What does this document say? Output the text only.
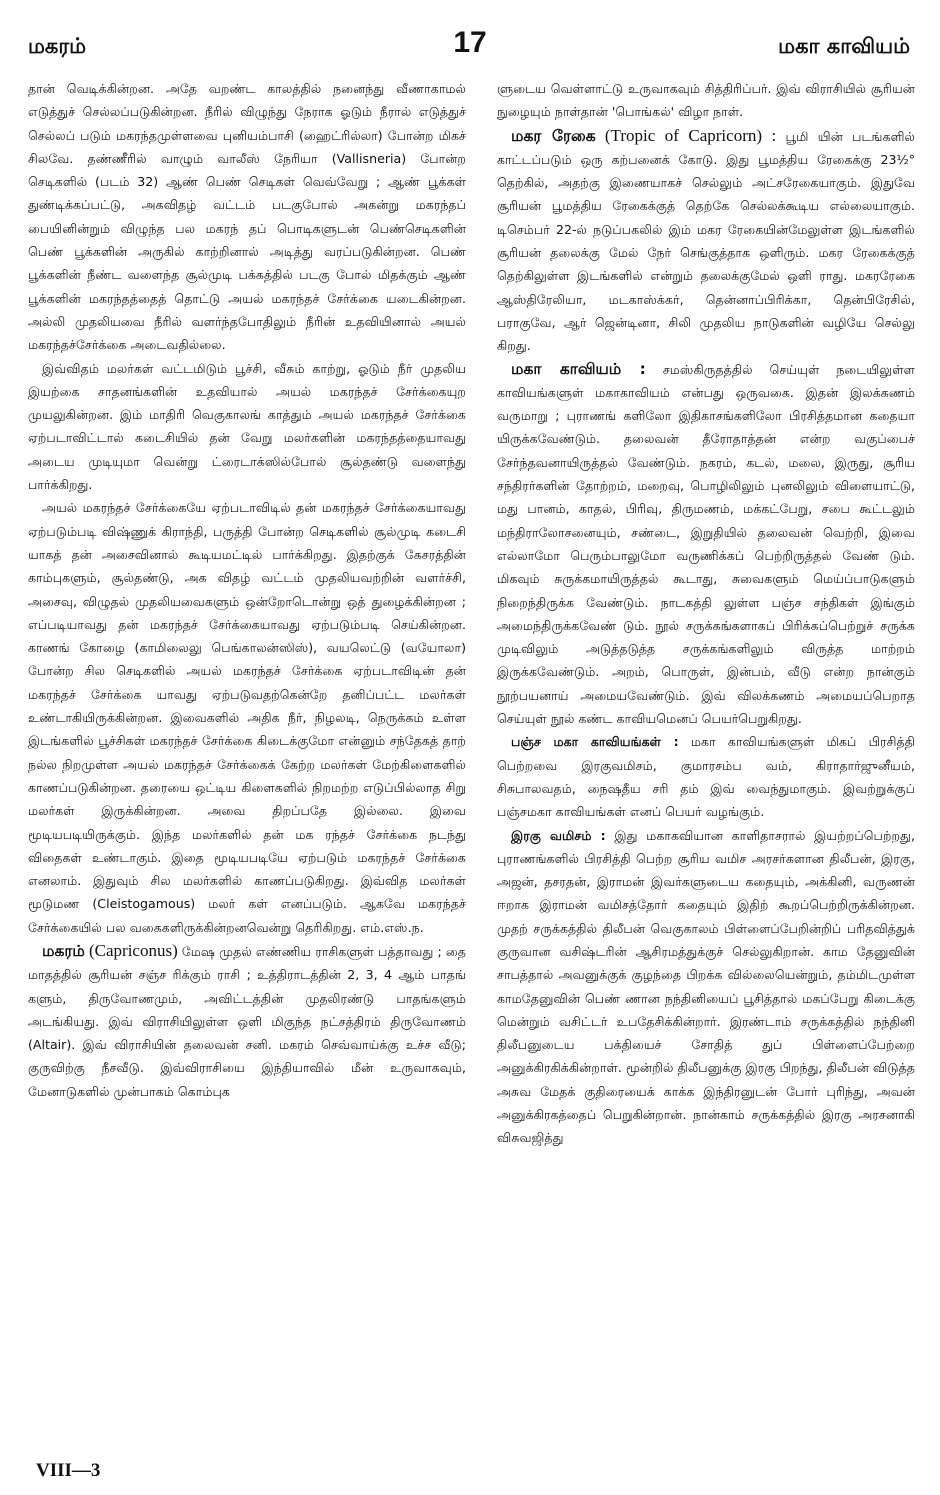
மகரம்	17	மகா காவியம்

தான் வெடிக்கின்றன. அதே வறண்ட காலத்தில் நனைந்து வீணாகாமல் எடுத்துச் செல்லப்படுகின்றன. நீரில் விழுந்து நேராக ஓடும் நீரால் எடுத்துச் செல்லப் படும் மகரந்தமுள்ளவை புனியம்பாசி (ஹைட்ரில்லா) போன்ற மிகச் சிலவே. தண்ணீரில் வாழும் வாலீஸ் நேரியா (Vallisneria) போன்ற செடிகளில் (படம் 32) ஆண் பெண் செடிகள் வெவ்வேறு ; ஆண் பூக்கள் துண்டிக்கப்பட்டு, அகவிதழ் வட்டம் படகுபோல் அகன்று மகரந்தப் பையினின்றும் விழுந்த பல மகரந் தப் பொடிகளுடன் பெண்செடிகளின் பெண் பூக்களின் அருகில் காற்றினால் அடித்து வரப்படுகின்றன. பெண் பூக்களின் நீண்ட வளைந்த சூல்முடி பக்கத்தில் படகு போல் மிதக்கும் ஆண் பூக்களின் மகரந்தத்தைத் தொட்டு அயல் மகரந்தச் சேர்க்கை யடைகின்றன. அல்லி முதலியவை நீரில் வளர்ந்தபோதிலும் நீரின் உதவியினால் அயல் மகரந்தச்சேர்க்கை அடைவதில்லை.

இவ்விதம் மலர்கள் வட்டமிடும் பூச்சி, வீசும் காற்று, ஓடும் நீர் முதலிய இயற்கை சாதனங்களின் உதவியால் அயல் மகரந்தச் சேர்க்கையுற முயலுகின்றன. இம் மாதிரி வெகுகாலங் காத்தும் அயல் மகரந்தச் சேர்க்கை ஏற்படாவிட்டால் கடைசியில் தன் வேறு மலர்களின் மகரந்தத்தையாவது அடைய முடியுமா வென்று ட்ரைடாக்ஸில்போல் சூல்தண்டு வளைந்து பார்க்கிறது.

அயல் மகரந்தச் சேர்க்கையே ஏற்படாவிடில் தன் மகரந்தச் சேர்க்கையாவது ஏற்படும்படி விஷ்ணுக் கிராந்தி, பருத்தி போன்ற செடிகளில் சூல்முடி கடைசி யாகத் தன் அசைவினால் கூடியமட்டில் பார்க்கிறது. இதற்குக் கேசரத்தின் காம்புகளும், சூல்தண்டு, அக விதழ் வட்டம் முதலியவற்றின் வளர்ச்சி, அசைவு, விழுதல் முதலியவைகளும் ஒன்றோடொன்று ஒத் துழைக்கின்றன ; எப்படியாவது தன் மகரந்தச் சேர்க்கையாவது ஏற்படும்படி செய்கின்றன. காணங் கோழை (காமிலைலு பெங்காலன்ஸிஸ்), வயலெட்டு (வயோலா) போன்ற சில செடிகளில் அயல் மகரந்தச் சேர்க்கை ஏற்படாவிடின் தன் மகரந்தச் சேர்க்கை யாவது ஏற்படுவதற்கென்றே தனிப்பட்ட மலர்கள் உண்டாகியிருக்கின்றன. இவைகளில் அதிக நீர், நிழலடி, நெருக்கம் உள்ள இடங்களில் பூச்சிகள் மகரந்தச் சேர்க்கை கிடைக்குமோ என்னும் சந்தேகத் தாற் நல்ல நிறமுள்ள அயல் மகரந்தச் சேர்க்கைக் கேற்ற மலர்கள் மேற்கிளைகளில் காணப்படுகின்றன. தரையை ஒட்டிய கிளைகளில் நிறமற்ற எடுப்பில்லாத சிறு மலர்கள் இருக்கின்றன. அவை திறப்பதே இல்லை. இவை மூடியபடியிருக்கும். இந்த மலர்களில் தன் மக ரந்தச் சேர்க்கை நடந்து விதைகள் உண்டாகும். இதை மூடியபடியே ஏற்படும் மகரந்தச் சேர்க்கை எனலாம். இதுவும் சில மலர்களில் காணப்படுகிறது. இவ்வித மலர்கள் மூடுமண (Cleistogamous) மலர் கள் எனப்படும். ஆகவே மகரந்தச் சேர்க்கையில் பல வகைகளிருக்கின்றனவென்று தெரிகிறது. எம்.எஸ்.ந.

மகரம் (Capriconus) மேஷ முதல் எண்ணிய ராசிகளுள் பத்தாவது ; தை மாதத்தில் சூரியன் சஞ்ச ரிக்கும் ராசி ; உத்திராடத்தின் 2, 3, 4 ஆம் பாதங் களும், திருவோணமும், அவிட்டத்தின் முதலிரண்டு பாதங்களும் அடங்கியது. இவ் விராசியிலுள்ள ஒளி மிகுந்த நட்சத்திரம் திருவோணம் (Altair). இவ் விராசியின் தலைவன் சனி. மகரம் செவ்வாய்க்கு உச்ச வீடு; குருவிற்கு நீசவீடு. இவ்விராசியை இந்தியாவில் மீன் உருவாகவும், மேனாடுகளில் முன்பாகம் கொம்புக

ளுடைய வெள்ளாட்டு உருவாகவும் சித்திரிப்பர். இவ் விராசியில் சூரியன் நுழையும் நாள்தான் 'பொங்கல்' விழா நாள்.

மகர ரேகை (Tropic of Capricorn) : பூமி யின் படங்களில் காட்டப்படும் ஒரு கற்பனைக் கோடு. இது பூமத்திய ரேகைக்கு 23½° தெற்கில், அதற்கு இணையாகச் செல்லும் அட்சரேகையாகும். இதுவே சூரியன் பூமத்திய ரேகைக்குத் தெற்கே செல்லக்கூடிய எல்லையாகும். டிசெம்பர் 22-ல் நடுப்பகலில் இம் மகர ரேகையின்மேலுள்ள இடங்களில் சூரியன் தலைக்கு மேல் நேர் செங்குத்தாக ஒளிரும். மகர ரேகைக்குத் தெற்கிலுள்ள இடங்களில் என்றும் தலைக்குமேல் ஒளி ராது. மகரரேகை ஆஸ்திரேலியா, மடகாஸ்க்கர், தென்னாப்பிரிக்கா, தென்பிரேசில், பராகுவே, ஆர் ஜென்டினா, சிலி முதலிய நாடுகளின் வழியே செல்லு கிறது.

மகா காவியம் : சமஸ்கிருதத்தில் செய்யுள் நடையிலுள்ள காவியங்களுள் மகாகாவியம் என்பது ஒருவகை. இதன் இலக்கணம் வருமாறு ; புராணங் களிலோ இதிகாசங்களிலோ பிரசித்தமான கதையா யிருக்கவேண்டும். தலைவன் தீரோதாத்தன் என்ற வகுப்பைச் சேர்ந்தவனாயிருத்தல் வேண்டும். நகரம், கடல், மலை, இருது, சூரிய சந்திரர்களின் தோற்றம், மறைவு, பொழிலிலும் புனலிலும் விளையாட்டு, மது பானம், காதல், பிரிவு, திருமணம், மக்கட்பேறு, சபை கூட்டலும் மந்திராலோசனையும், சண்டை, இறுதியில் தலைவன் வெற்றி, இவை எல்லாமோ பெரும்பாலுமோ வருணிக்கப் பெற்றிருத்தல் வேண் டும். மிகவும் சுருக்கமாயிருத்தல் கூடாது, சுவைகளும் மெய்ப்பாடுகளும் நிறைந்திருக்க வேண்டும். நாடகத்தி லுள்ள பஞ்ச சந்திகள் இங்கும் அமைந்திருக்கவேண் டும். நூல் சருக்கங்களாகப் பிரிக்கப்பெற்றுச் சருக்க முடிவிலும் அடுத்தடுத்த சருக்கங்களிலும் விருத்த மாற்றம் இருக்கவேண்டும். அறம், பொருள், இன்பம், வீடு என்ற நான்கும் நூற்பயனாய் அமையவேண்டும். இவ் விலக்கணம் அமையப்பெறாத செய்யுள் நூல் கண்ட காவியமெனப் பெயர்பெறுகிறது.

பஞ்ச மகா காவியங்கள் : மகா காவியங்களுள் மிகப் பிரசித்தி பெற்றவை இரகுவமிசம், குமாரசம்ப வம், கிராதார்ஜுனீயம், சிசுபாலவதம், நைஷதீய சரி தம் இவ் வைந்துமாகும். இவற்றுக்குப் பஞ்சமகா காவியங்கள் எனப் பெயர் வழங்கும்.

இரகு வமிசம் : இது மகாகவியான காளிதாசரால் இயற்றப்பெற்றது, புராணங்களில் பிரசித்தி பெற்ற சூரிய வமிச அரசர்களான திலீபன், இரகு, அஜன், தசரதன், இராமன் இவர்களுடைய கதையும், அக்கினி, வருணன் ஈறாக இராமன் வமிசத்தோர் கதையும் இதிற் கூறப்பெற்றிருக்கின்றன. முதற் சருக்கத்தில் திலீபன் வெகுகாலம் பிள்ளைப்பேறின்றிப் பரிதவித்துக் குருவான வசிஷ்டரின் ஆசிரமத்துக்குச் செல்லுகிறான். காம தேனுவின் சாபத்தால் அவனுக்குக் குழந்தை பிறக்க வில்லையென்றும், தம்மிடமுள்ள காமதேனுவின் பெண் ணான நந்தினியைப் பூசித்தால் மகப்பேறு கிடைக்கு மென்றும் வசிட்டர் உபதேசிக்கின்றார். இரண்டாம் சருக்கத்தில் நந்தினி திலீபனுடைய பக்தியைச் சோதித் துப் பிள்ளைப்பேற்றை அனுக்கிரகிக்கின்றாள். மூன்றில் திலீபனுக்கு இரகு பிறந்து, திலீபன் விடுத்த அசுவ மேதக் குதிரையைக் காக்க இந்திரனுடன் போர் புரிந்து, அவன் அனுக்கிரகத்தைப் பெறுகின்றான். நான்காம் சருக்கத்தில் இரகு அரசனாகி விசுவஜித்து

VIII—3
